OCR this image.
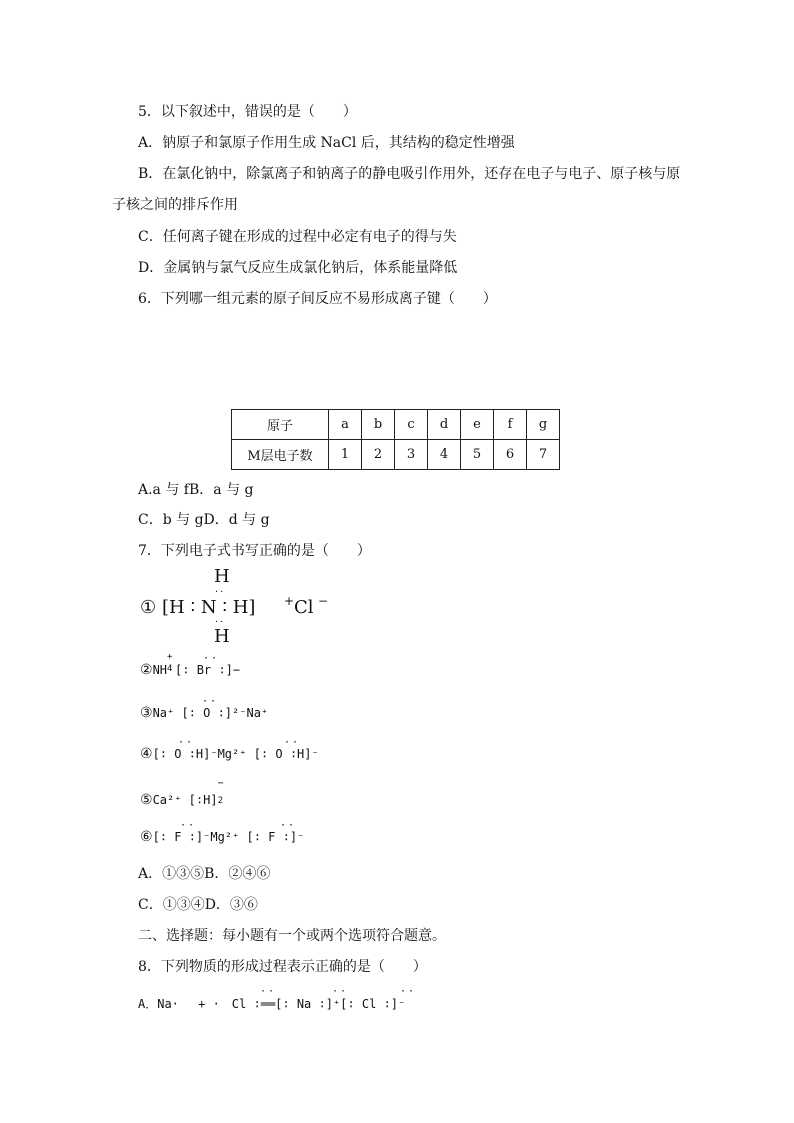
5．以下叙述中，错误的是（　　）
A．钠原子和氯原子作用生成 NaCl 后，其结构的稳定性增强
B．在氯化钠中，除氯离子和钠离子的静电吸引作用外，还存在电子与电子、原子核与原
子核之间的排斥作用
C．任何离子键在形成的过程中必定有电子的得与失
D．金属钠与氯气反应生成氯化钠后，体系能量降低
6．下列哪一组元素的原子间反应不易形成离子键（　　）
原子	a	b	c	d	e	f	g
M层电子数	1	2	3	4	5	6	7
A.a 与 fB．a 与 g
C．b 与 gD．d 与 g
7．下列电子式书写正确的是（　　）
H
··
① [H ∶ N ∶ H] + Cl −
··
H
②NH
+
4 [∶ Br ∶]−
··
③Na⁺ [∶ O ∶]²⁻Na⁺
··
④[∶ O ∶H]⁻Mg²⁺ [∶ O ∶H]⁻
··	··
⑤Ca²⁺ [∶H]
−
2
⑥[∶ F ∶]⁻Mg²⁺ [∶ F ∶]⁻
··	··
A．①③⑤B．②④⑥
C．①③④D．③⑥
二、选择题：每小题有一个或两个选项符合题意。
8．下列物质的形成过程表示正确的是（　　）
A．Na·　 + ·　Cl ∶══[∶ Na ∶]⁺[∶ Cl ∶]⁻
··	··	··
